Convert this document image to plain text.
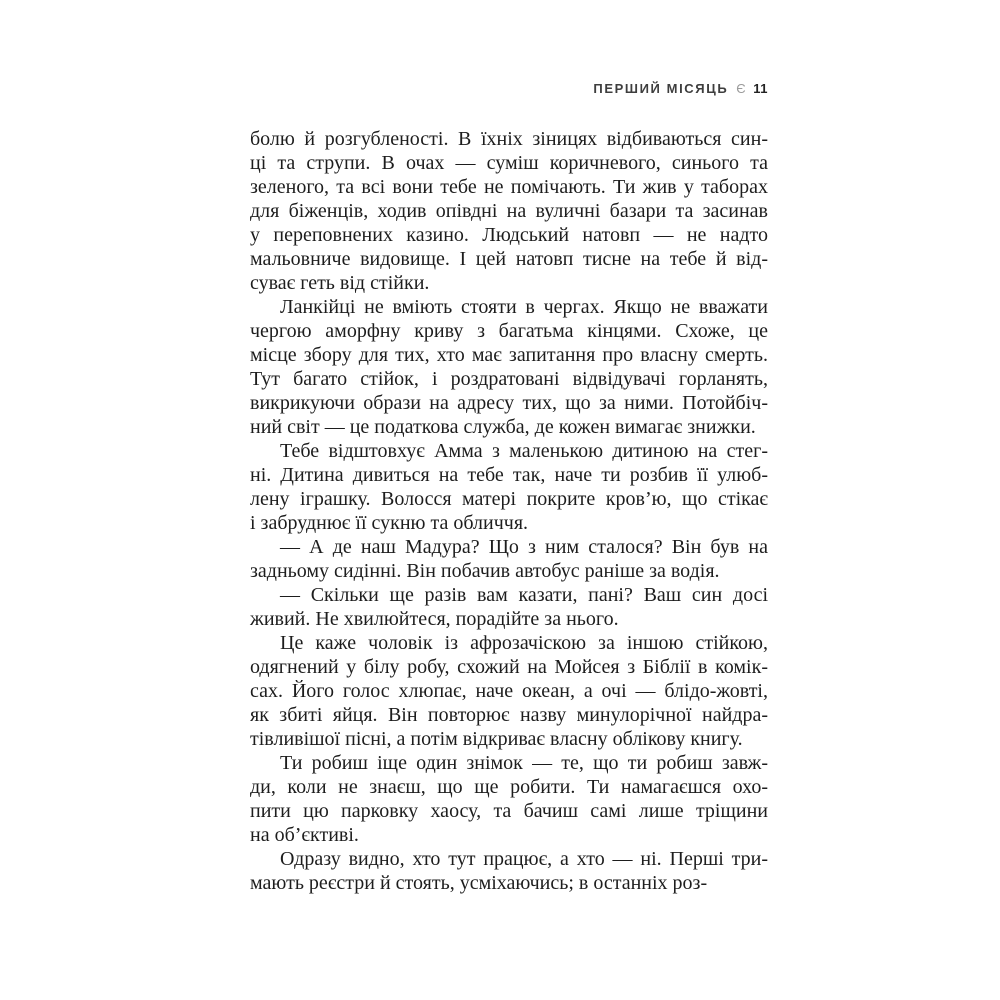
ПЕРШИЙ МІСЯЦЬ Є 11

болю й розгубленості. В їхніх зіницях відбиваються син-
ці та струпи. В очах — суміш коричневого, синього та
зеленого, та всі вони тебе не помічають. Ти жив у таборах
для біженців, ходив опівдні на вуличні базари та засинав
у переповнених казино. Людський натовп — не надто
мальовниче видовище. І цей натовп тисне на тебе й від-
суває геть від стійки.

Ланкійці не вміють стояти в чергах. Якщо не вважати
чергою аморфну криву з багатьма кінцями. Схоже, це
місце збору для тих, хто має запитання про власну смерть.
Тут багато стійок, і роздратовані відвідувачі горланять,
викрикуючи образи на адресу тих, що за ними. Потойбіч-
ний світ — це податкова служба, де кожен вимагає знижки.

Тебе відштовхує Амма з маленькою дитиною на стег-
ні. Дитина дивиться на тебе так, наче ти розбив її улюб-
лену іграшку. Волосся матері покрите кров’ю, що стікає
і забруднює її сукню та обличчя.

— А де наш Мадура? Що з ним сталося? Він був на
задньому сидінні. Він побачив автобус раніше за водія.

— Скільки ще разів вам казати, пані? Ваш син досі
живий. Не хвилюйтеся, порадійте за нього.

Це каже чоловік із афрозачіскою за іншою стійкою,
одягнений у білу робу, схожий на Мойсея з Біблії в комік-
сах. Його голос хлюпає, наче океан, а очі — блідо-жовті,
як збиті яйця. Він повторює назву минулорічної найдра-
тівливішої пісні, а потім відкриває власну облікову книгу.

Ти робиш іще один знімок — те, що ти робиш завж-
ди, коли не знаєш, що ще робити. Ти намагаєшся охо-
пити цю парковку хаосу, та бачиш самі лише тріщини
на об’єктиві.

Одразу видно, хто тут працює, а хто — ні. Перші три-
мають реєстри й стоять, усміхаючись; в останніх роз-
